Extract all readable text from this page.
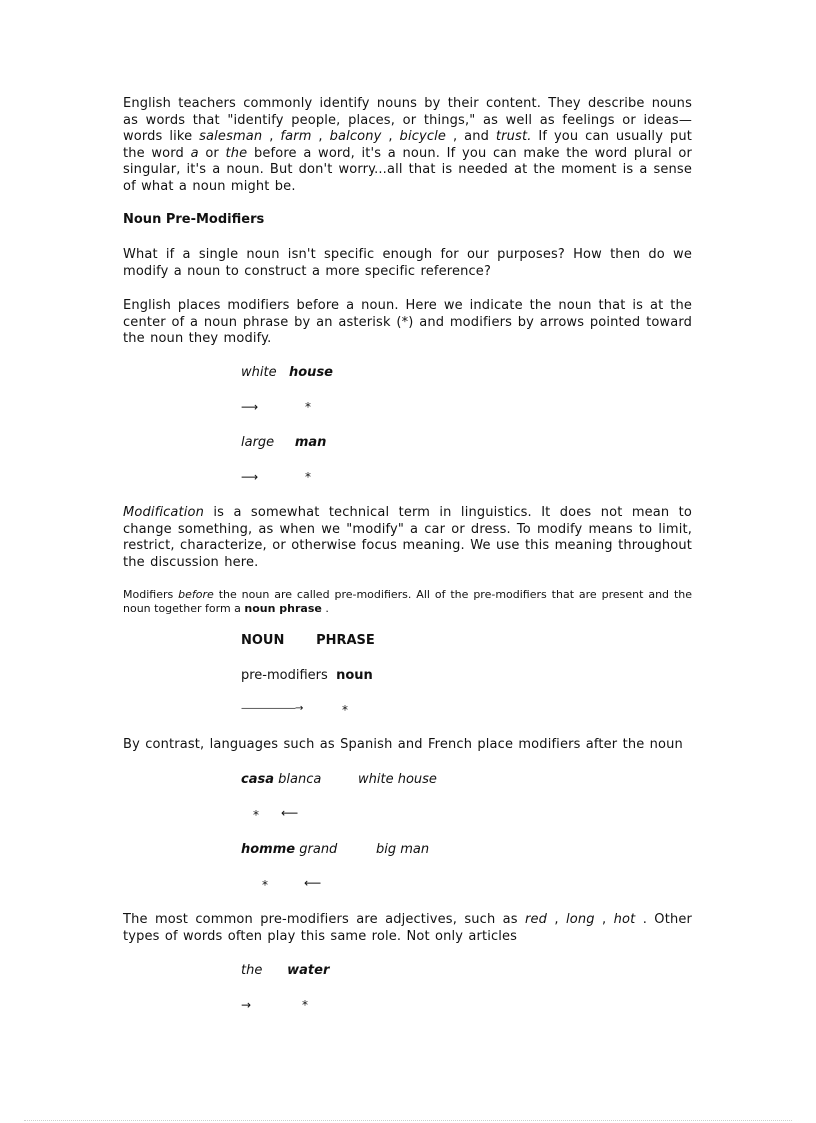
English teachers commonly identify nouns by their content. They describe nouns as words that "identify people, places, or things," as well as feelings or ideas—words like salesman , farm , balcony , bicycle , and trust. If you can usually put the word a or the before a word, it's a noun. If you can make the word plural or singular, it's a noun. But don't worry...all that is needed at the moment is a sense of what a noun might be.

Noun Pre-Modifiers

What if a single noun isn't specific enough for our purposes? How then do we modify a noun to construct a more specific reference?

English places modifiers before a noun. Here we indicate the noun that is at the center of a noun phrase by an asterisk (*) and modifiers by arrows pointed toward the noun they modify.

white house
⟶	*
large man
⟶	*

Modification is a somewhat technical term in linguistics. It does not mean to change something, as when we "modify" a car or dress. To modify means to limit, restrict, characterize, or otherwise focus meaning. We use this meaning throughout the discussion here.

Modifiers before the noun are called pre-modifiers. All of the pre-modifiers that are present and the noun together form a noun phrase .

NOUN PHRASE
pre-modifiers noun
——————→	*

By contrast, languages such as Spanish and French place modifiers after the noun

casa blanca	white house
* ⟵
homme grand	big man
*	⟵

The most common pre-modifiers are adjectives, such as red , long , hot . Other types of words often play this same role. Not only articles

the water
→	*
